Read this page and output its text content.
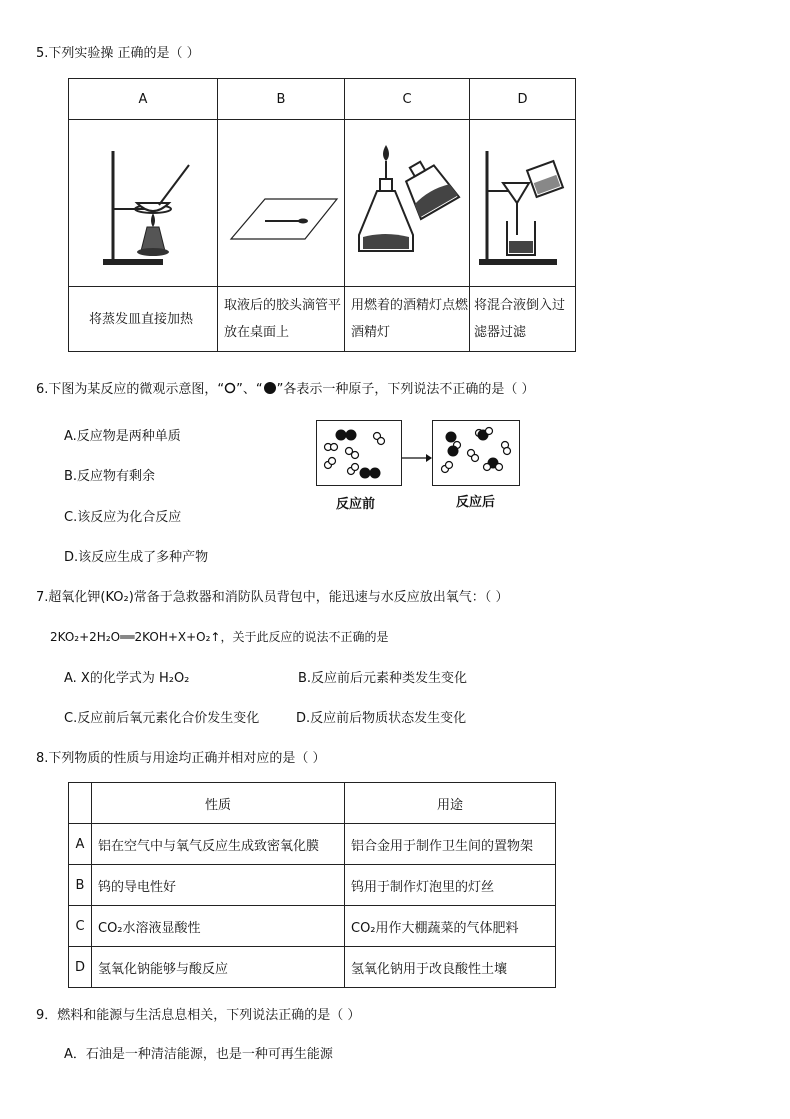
5.下列实验操 正确的是（ ）
A	B	C	D

将蒸发皿直接加热	取液后的胶头滴管平放在桌面上	用燃着的酒精灯点燃酒精灯	将混合液倒入过滤器过滤
6.下图为某反应的微观示意图，“ ”、“ ”各表示一种原子，下列说法不正确的是（ ）
A.反应物是两种单质
B.反应物有剩余
C.该反应为化合反应
D.该反应生成了多种产物
反应前	反应后
7.超氧化钾(KO₂)常备于急救器和消防队员背包中，能迅速与水反应放出氧气：（ ）
2KO₂+2H₂O══2KOH+X+O₂↑，关于此反应的说法不正确的是
A. X的化学式为 H₂O₂	B.反应前后元素种类发生变化
C.反应前后氧元素化合价发生变化	D.反应前后物质状态发生变化
8.下列物质的性质与用途均正确并相对应的是（ ）
	性质	用途
A	铝在空气中与氧气反应生成致密氧化膜	铝合金用于制作卫生间的置物架
B	钨的导电性好	钨用于制作灯泡里的灯丝
C	CO₂水溶液显酸性	CO₂用作大棚蔬菜的气体肥料
D	氢氧化钠能够与酸反应	氢氧化钠用于改良酸性土壤
9．燃料和能源与生活息息相关，下列说法正确的是（ ）
A．石油是一种清洁能源，也是一种可再生能源
